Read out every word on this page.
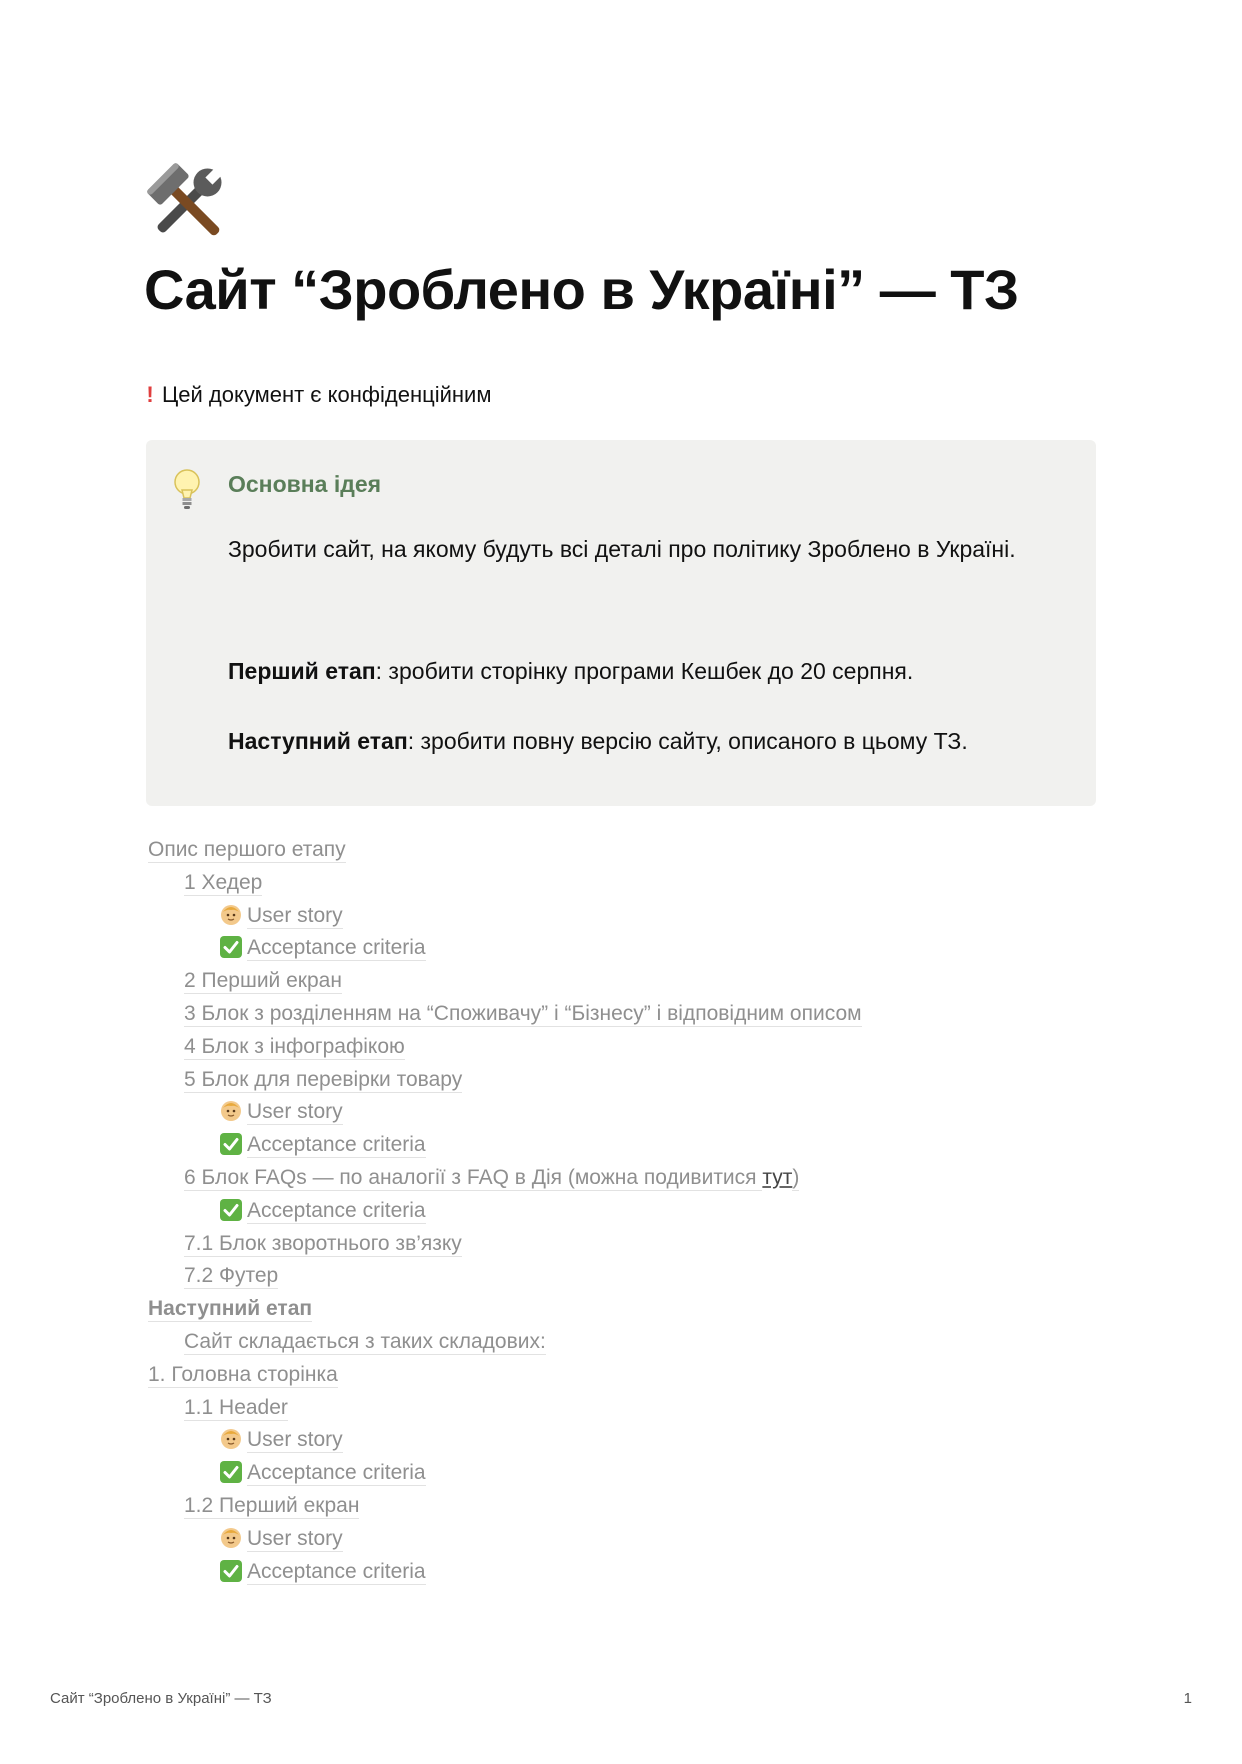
Сайт “Зроблено в Україні” — ТЗ
! Цей документ є конфіденційним
Основна ідея
Зробити сайт, на якому будуть всі деталі про політику Зроблено в Україні.
Перший етап: зробити сторінку програми Кешбек до 20 серпня.
Наступний етап: зробити повну версію сайту, описаного в цьому ТЗ.
Опис першого етапу
1 Хедер
User story
Acceptance criteria
2 Перший екран
3 Блок з розділенням на “Споживачу” і “Бізнесу” і відповідним описом
4 Блок з інфографікою
5 Блок для перевірки товару
User story
Acceptance criteria
6 Блок FAQs — по аналогії з FAQ в Дія (можна подивитися тут)
Acceptance criteria
7.1 Блок зворотнього зв’язку
7.2 Футер
Наступний етап
Сайт складається з таких складових:
1. Головна сторінка
1.1 Header
User story
Acceptance criteria
1.2 Перший екран
User story
Acceptance criteria
Сайт “Зроблено в Україні” — ТЗ	1
